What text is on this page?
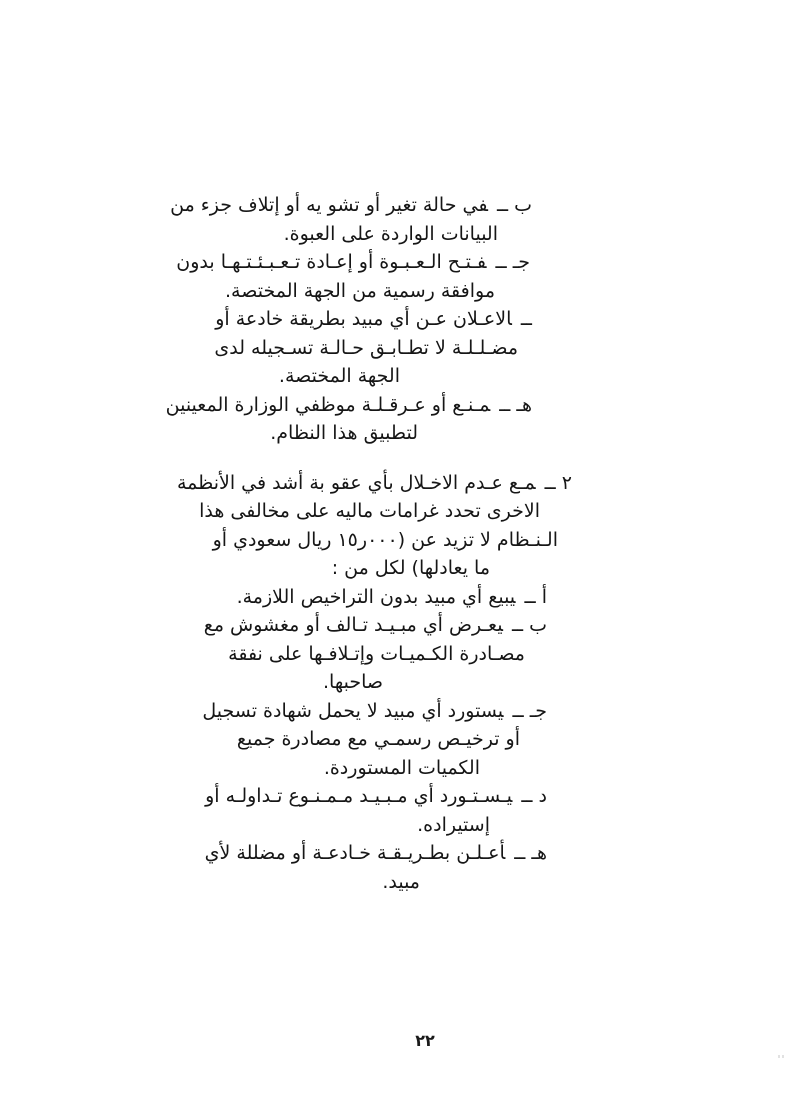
ب ــفي حالة تغير أو تشو يه أو إتلاف جزء من
البيانات الواردة على العبوة.
جـ ــفـتـح الـعـبـوة أو إعـادة تـعـبـئـتـهـا بدون
موافقة رسمية من الجهة المختصة.
ــالاعـلان عـن أي مبيد بطريقة خادعة أو
مضـلـلـة لا تطـابـق حـالـة تسـجيله لدى
الجهة المختصة.
هـ ــمـنـع أو عـرقـلـة موظفي الوزارة المعينين
لتطبيق هذا النظام.
٢ ــمـع عـدم الاخـلال بأي عقو بة أشد في الأنظمة
الاخرى تحدد غرامات ماليه على مخالفى هذا
الـنـظام لا تزيد عن (٠٠٠ر١٥ ريال سعودي أو
ما يعادلها) لكل من :
أ ــيبيع أي مبيد بدون التراخيص اللازمة.
ب ــيعـرض أي مبـيـد تـالف أو مغشوش مع
مصـادرة الكـميـات وإتـلافـها على نفقة
صاحبها.
جـ ــيستورد أي مبيد لا يحمل شهادة تسجيل
أو ترخيـص رسمـي مع مصادرة جميع
الكميات المستوردة.
د ــيـسـتـورد أي مـبـيـد مـمـنـوع تـداولـه أو
إستيراده.
هـ ــأعـلـن بطـريـقـة خـادعـة أو مضللة لأي
مبيد.
٢٢
